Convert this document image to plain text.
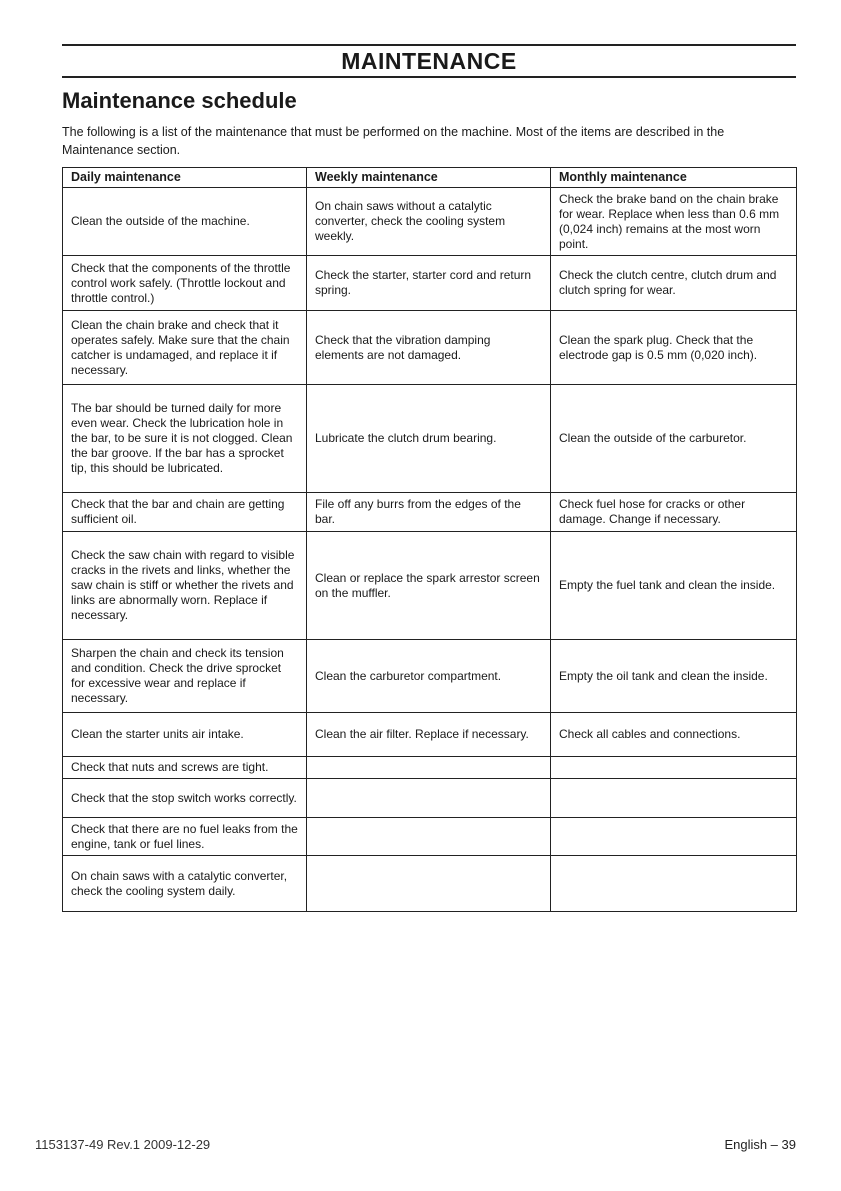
MAINTENANCE
Maintenance schedule
The following is a list of the maintenance that must be performed on the machine. Most of the items are described in the Maintenance section.
Daily maintenance	Weekly maintenance	Monthly maintenance
Clean the outside of the machine.	On chain saws without a catalytic converter, check the cooling system weekly.	Check the brake band on the chain brake for wear. Replace when less than 0.6 mm (0,024 inch) remains at the most worn point.
Check that the components of the throttle control work safely. (Throttle lockout and throttle control.)	Check the starter, starter cord and return spring.	Check the clutch centre, clutch drum and clutch spring for wear.
Clean the chain brake and check that it operates safely. Make sure that the chain catcher is undamaged, and replace it if necessary.	Check that the vibration damping elements are not damaged.	Clean the spark plug. Check that the electrode gap is 0.5 mm (0,020 inch).
The bar should be turned daily for more even wear. Check the lubrication hole in the bar, to be sure it is not clogged. Clean the bar groove. If the bar has a sprocket tip, this should be lubricated.	Lubricate the clutch drum bearing.	Clean the outside of the carburetor.
Check that the bar and chain are getting sufficient oil.	File off any burrs from the edges of the bar.	Check fuel hose for cracks or other damage. Change if necessary.
Check the saw chain with regard to visible cracks in the rivets and links, whether the saw chain is stiff or whether the rivets and links are abnormally worn. Replace if necessary.	Clean or replace the spark arrestor screen on the muffler.	Empty the fuel tank and clean the inside.
Sharpen the chain and check its tension and condition. Check the drive sprocket for excessive wear and replace if necessary.	Clean the carburetor compartment.	Empty the oil tank and clean the inside.
Clean the starter units air intake.	Clean the air filter. Replace if necessary.	Check all cables and connections.
Check that nuts and screws are tight.		
Check that the stop switch works correctly.		
Check that there are no fuel leaks from the engine, tank or fuel lines.		
On chain saws with a catalytic converter, check the cooling system daily.		
1153137-49 Rev.1 2009-12-29	English – 39
